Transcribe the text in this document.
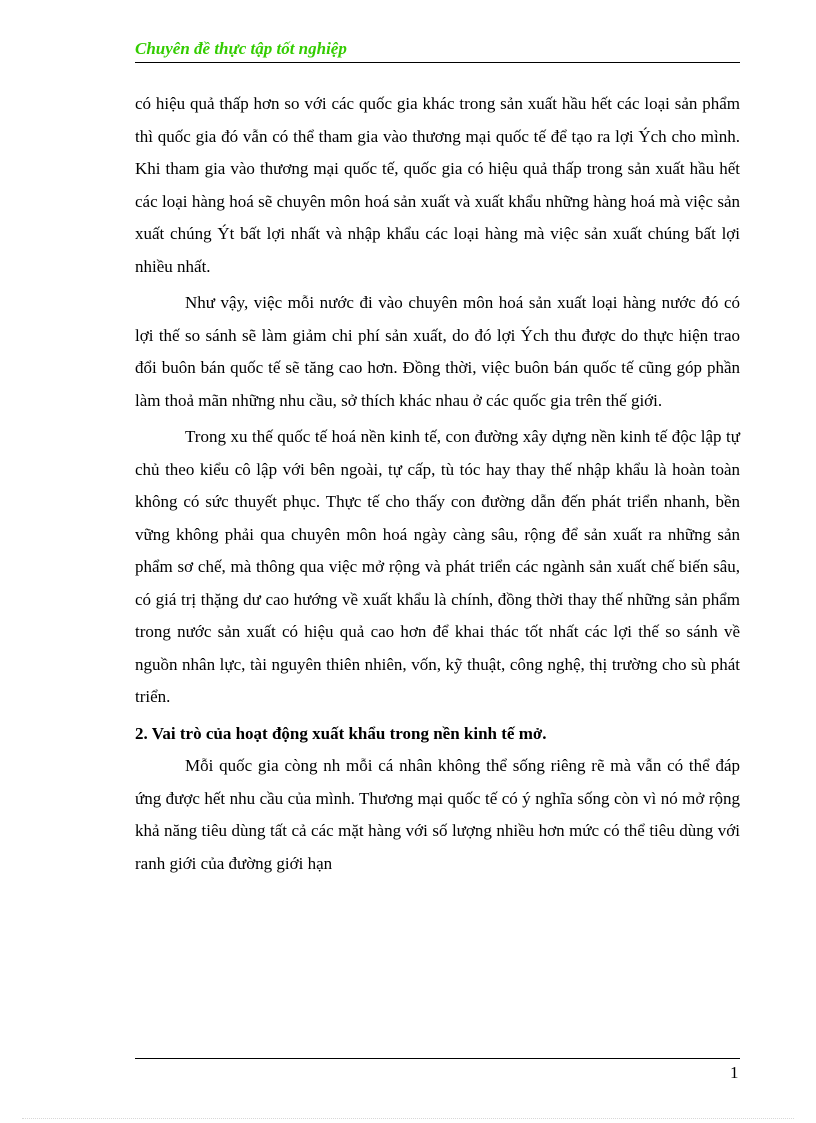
Chuyên đề thực tập tốt nghiệp

có hiệu quả thấp hơn so với các quốc gia khác trong sản xuất hầu hết các loại sản phẩm thì quốc gia đó vẫn có thể tham gia vào thương mại quốc tế để tạo ra lợi Ých cho mình. Khi tham gia vào thương mại quốc tế, quốc gia có hiệu quả thấp trong sản xuất hầu hết các loại hàng hoá sẽ chuyên môn hoá sản xuất và xuất khẩu những hàng hoá mà việc sản xuất chúng Ýt bất lợi nhất và nhập khẩu các loại hàng mà việc sản xuất chúng bất lợi nhiều nhất.

Như vậy, việc mỗi nước đi vào chuyên môn hoá sản xuất loại hàng nước đó có lợi thế so sánh sẽ làm giảm chi phí sản xuất, do đó lợi Ých thu được do thực hiện trao đổi buôn bán quốc tế sẽ tăng cao hơn. Đồng thời, việc buôn bán quốc tế cũng góp phần làm thoả mãn những nhu cầu, sở thích khác nhau ở các quốc gia trên thế giới.

Trong xu thế quốc tế hoá nền kinh tế, con đường xây dựng nền kinh tế độc lập tự chủ theo kiểu cô lập với bên ngoài, tự cấp, tù tóc hay thay thế nhập khẩu là hoàn toàn không có sức thuyết phục. Thực tế cho thấy con đường dẫn đến phát triển nhanh, bền vững không phải qua chuyên môn hoá ngày càng sâu, rộng để sản xuất ra những sản phẩm sơ chế, mà thông qua việc mở rộng và phát triển các ngành sản xuất chế biến sâu, có giá trị thặng dư cao hướng về xuất khẩu là chính, đồng thời thay thế những sản phẩm trong nước sản xuất có hiệu quả cao hơn để khai thác tốt nhất các lợi thế so sánh về nguồn nhân lực, tài nguyên thiên nhiên, vốn, kỹ thuật, công nghệ, thị trường cho sù phát triển.

2. Vai trò của hoạt động xuất khẩu trong nền kinh tế mở.

Mỗi quốc gia còng nh mỗi cá nhân không thể sống riêng rẽ mà vẫn có thể đáp ứng được hết nhu cầu của mình. Thương mại quốc tế có ý nghĩa sống còn vì nó mở rộng khả năng tiêu dùng tất cả các mặt hàng với số lượng nhiều hơn mức có thể tiêu dùng với ranh giới của đường giới hạn

1
